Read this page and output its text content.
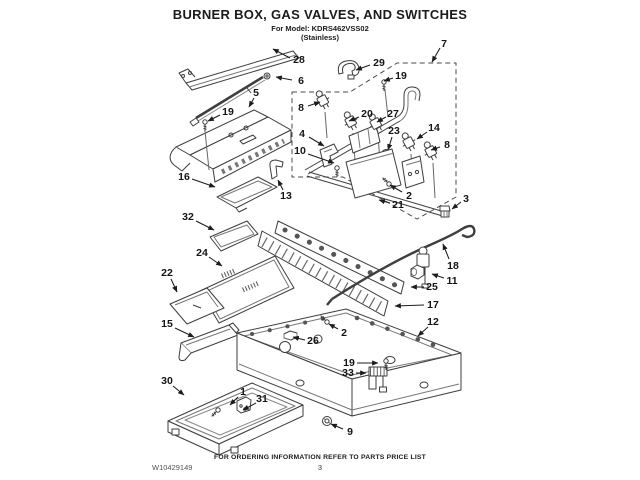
BURNER BOX, GAS VALVES, AND SWITCHES
For Model: KDRS462VSS02
(Stainless)
28
6
5
19
29
19
7
8	20 27
23	14
8
4
10
13
16
32
2
21	3
18
11
25
17
12
24
22
15
26
2
19
33
30
1
31
9
FOR ORDERING INFORMATION REFER TO PARTS PRICE LIST
W10429149	3
